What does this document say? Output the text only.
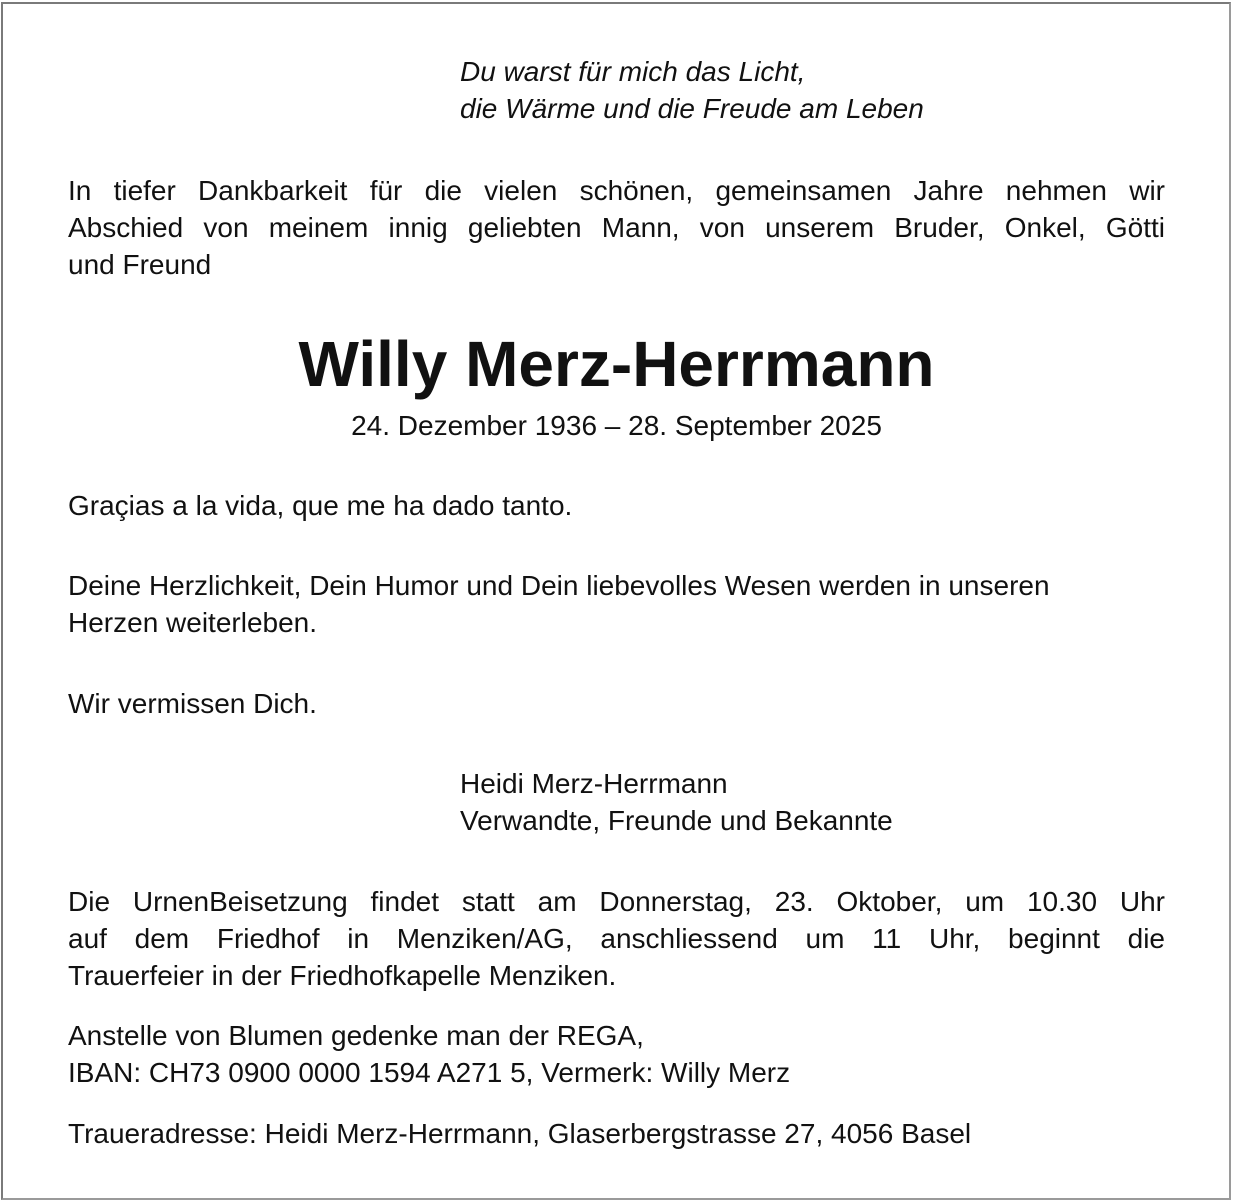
Du warst für mich das Licht,
die Wärme und die Freude am Leben
In tiefer Dankbarkeit für die vielen schönen, gemeinsamen Jahre nehmen wir
Abschied von meinem innig geliebten Mann, von unserem Bruder, Onkel, Götti
und Freund
Willy Merz-Herrmann
24. Dezember 1936 – 28. September 2025
Graçias a la vida, que me ha dado tanto.
Deine Herzlichkeit, Dein Humor und Dein liebevolles Wesen werden in unseren
Herzen weiterleben.
Wir vermissen Dich.
Heidi Merz-Herrmann
Verwandte, Freunde und Bekannte
Die UrnenBeisetzung findet statt am Donnerstag, 23. Oktober, um 10.30 Uhr
auf dem Friedhof in Menziken/AG, anschliessend um 11 Uhr, beginnt die
Trauerfeier in der Friedhofkapelle Menziken.
Anstelle von Blumen gedenke man der REGA,
IBAN: CH73 0900 0000 1594 A271 5, Vermerk: Willy Merz
Traueradresse: Heidi Merz-Herrmann, Glaserbergstrasse 27, 4056 Basel
